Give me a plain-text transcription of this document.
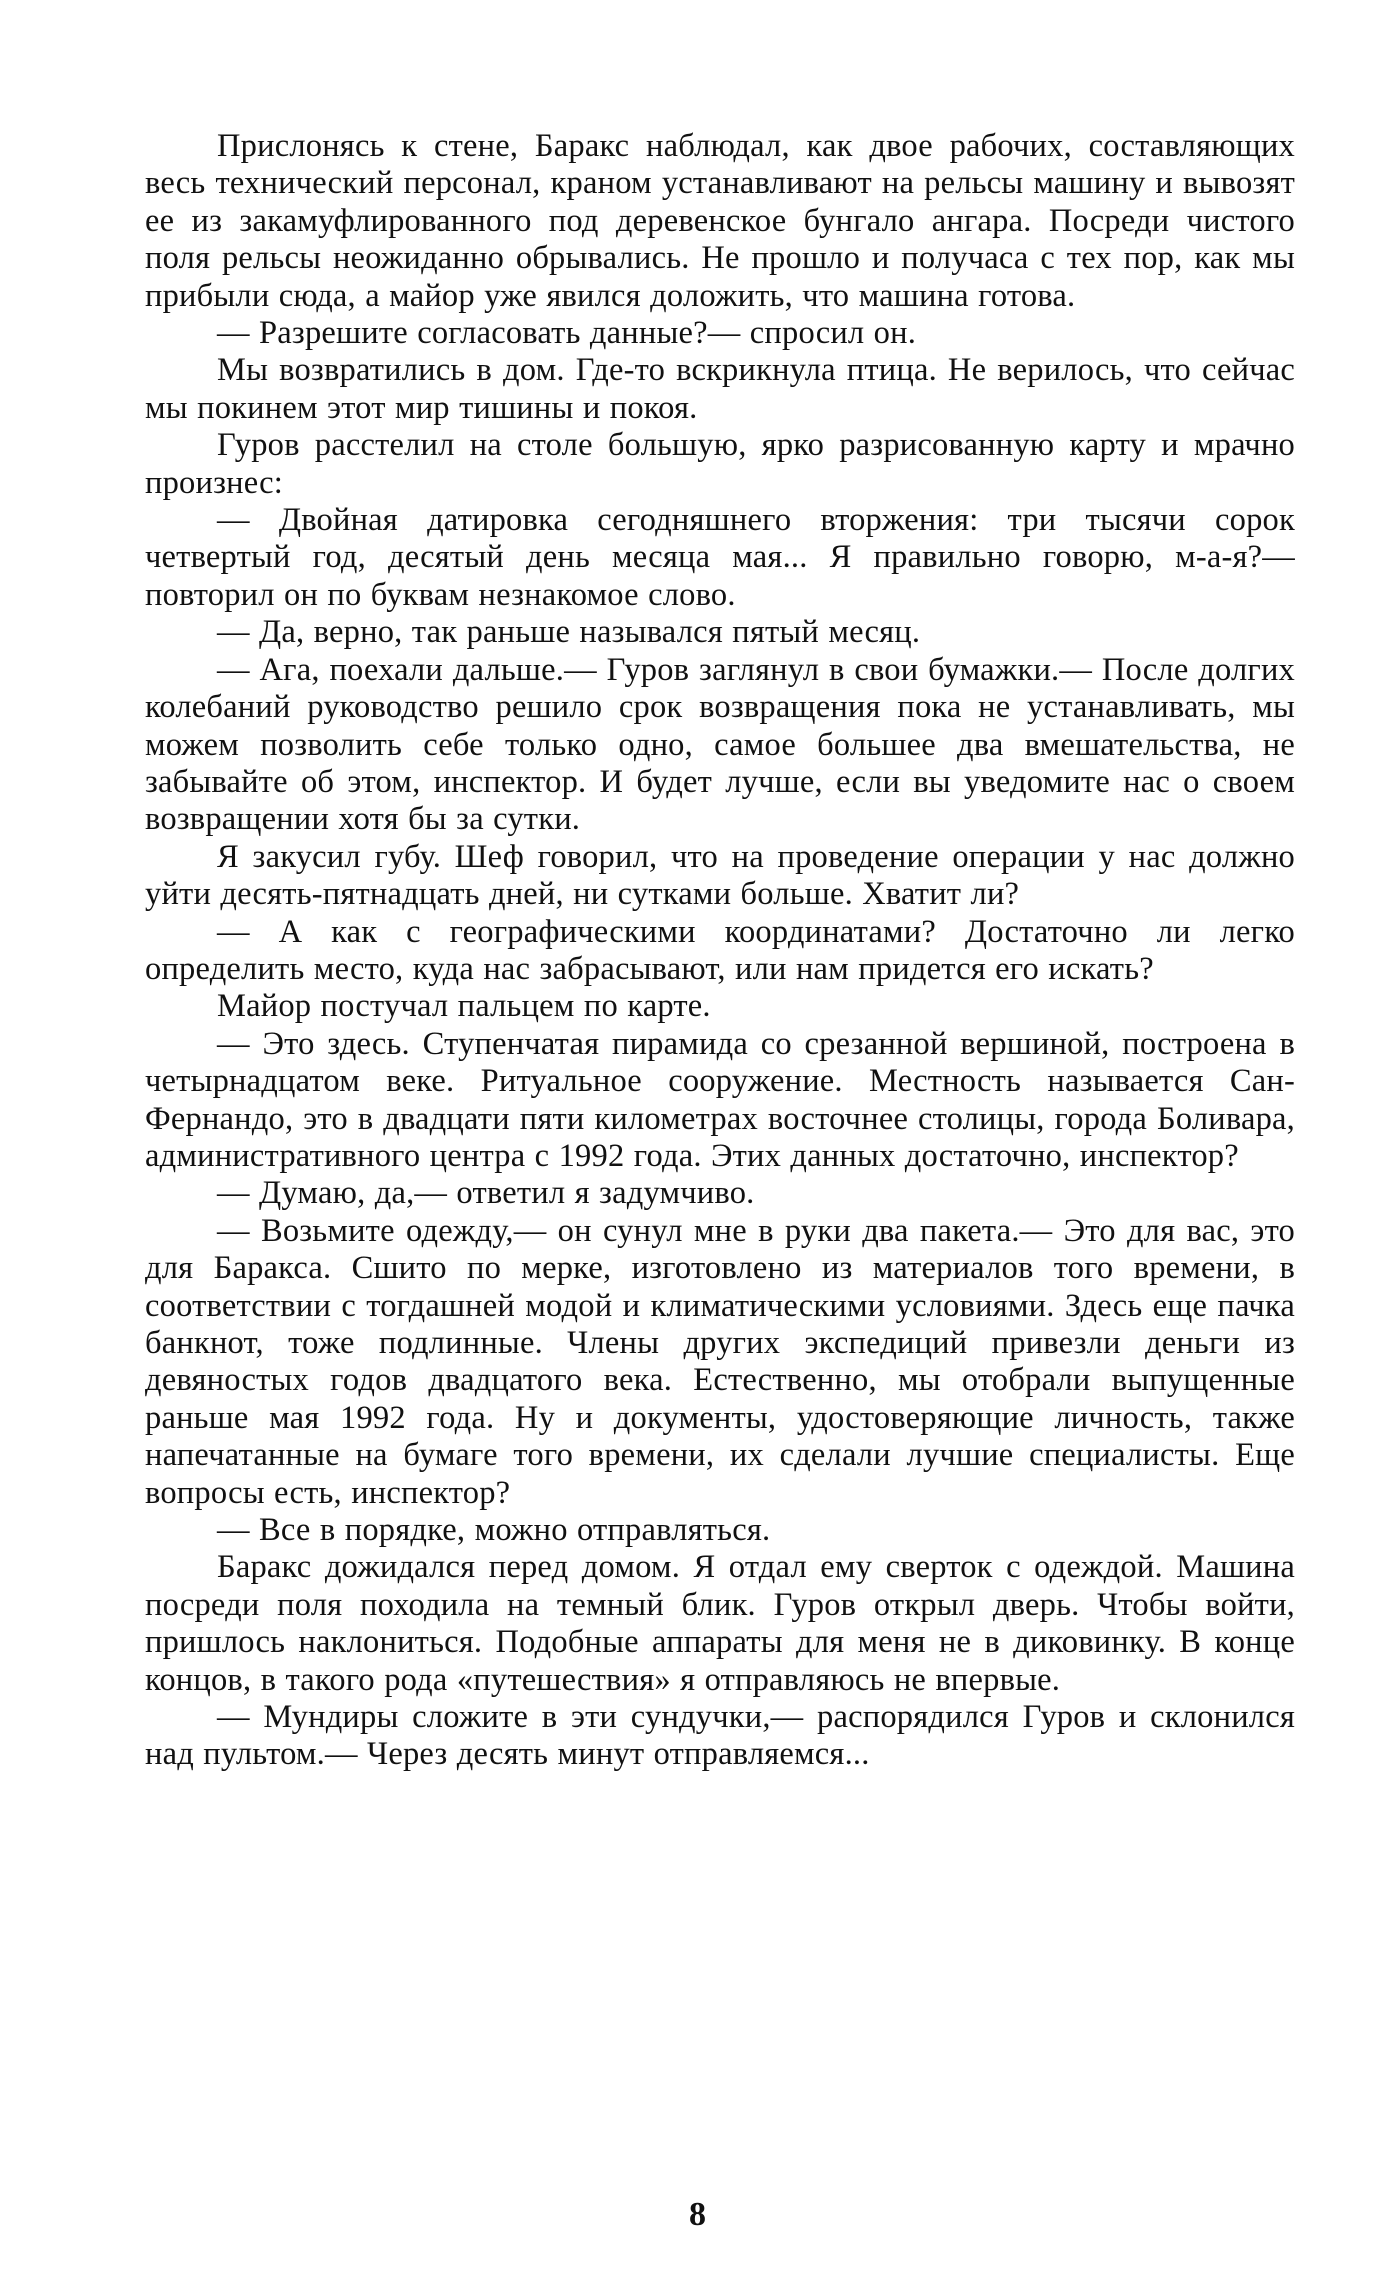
Прислонясь к стене, Баракс наблюдал, как двое рабочих, составляющих весь технический персонал, краном устанавливают на рельсы машину и вывозят ее из закамуфлированного под деревенское бунгало ангара. Посреди чистого поля рельсы неожиданно обрывались. Не прошло и получаса с тех пор, как мы прибыли сюда, а майор уже явился доложить, что машина готова.

— Разрешите согласовать данные?— спросил он.

Мы возвратились в дом. Где-то вскрикнула птица. Не верилось, что сейчас мы покинем этот мир тишины и покоя.

Гуров расстелил на столе большую, ярко разрисованную карту и мрачно произнес:

— Двойная датировка сегодняшнего вторжения: три тысячи сорок четвертый год, десятый день месяца мая... Я правильно говорю, м-а-я?— повторил он по буквам незнакомое слово.

— Да, верно, так раньше назывался пятый месяц.

— Ага, поехали дальше.— Гуров заглянул в свои бумажки.— После долгих колебаний руководство решило срок возвращения пока не устанавливать, мы можем позволить себе только одно, самое большее два вмешательства, не забывайте об этом, инспектор. И будет лучше, если вы уведомите нас о своем возвращении хотя бы за сутки.

Я закусил губу. Шеф говорил, что на проведение операции у нас должно уйти десять-пятнадцать дней, ни сутками больше. Хватит ли?

— А как с географическими координатами? Достаточно ли легко определить место, куда нас забрасывают, или нам придется его искать?

Майор постучал пальцем по карте.

— Это здесь. Ступенчатая пирамида со срезанной вершиной, построена в четырнадцатом веке. Ритуальное сооружение. Местность называется Сан-Фернандо, это в двадцати пяти километрах восточнее столицы, города Боливара, административного центра с 1992 года. Этих данных достаточно, инспектор?

— Думаю, да,— ответил я задумчиво.

— Возьмите одежду,— он сунул мне в руки два пакета.— Это для вас, это для Баракса. Сшито по мерке, изготовлено из материалов того времени, в соответствии с тогдашней модой и климатическими условиями. Здесь еще пачка банкнот, тоже подлинные. Члены других экспедиций привезли деньги из девяностых годов двадцатого века. Естественно, мы отобрали выпущенные раньше мая 1992 года. Ну и документы, удостоверяющие личность, также напечатанные на бумаге того времени, их сделали лучшие специалисты. Еще вопросы есть, инспектор?

— Все в порядке, можно отправляться.

Баракс дожидался перед домом. Я отдал ему сверток с одеждой. Машина посреди поля походила на темный блик. Гуров открыл дверь. Чтобы войти, пришлось наклониться. Подобные аппараты для меня не в диковинку. В конце концов, в такого рода «путешествия» я отправляюсь не впервые.

— Мундиры сложите в эти сундучки,— распорядился Гуров и склонился над пультом.— Через десять минут отправляемся...

8
